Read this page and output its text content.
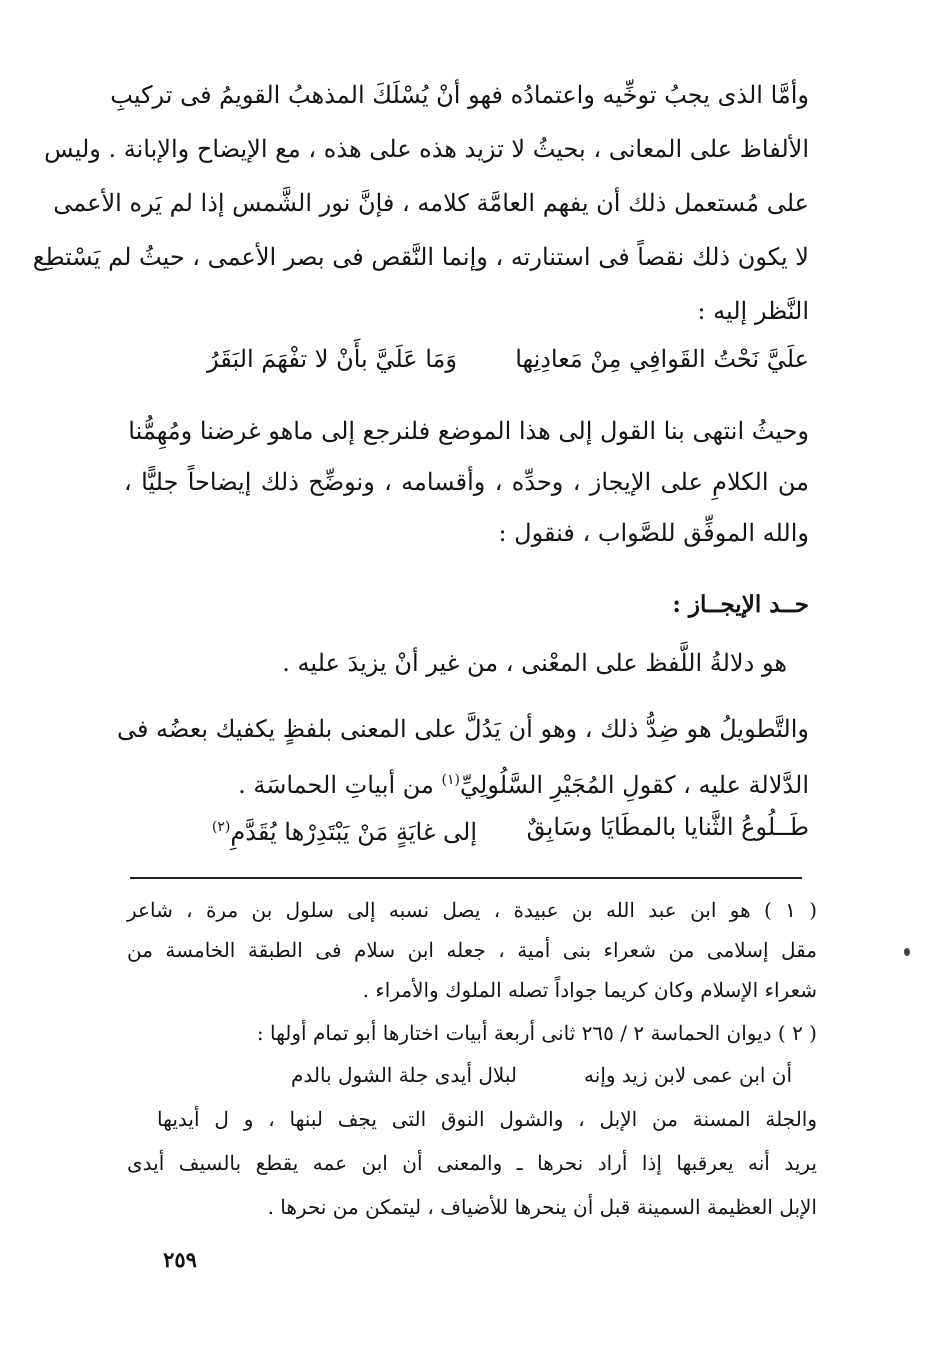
وأمَّا الذى يجبُ توخِّيه واعتمادُه فهو أنْ يُسْلَكَ المذهبُ القويمُ فى تركيبِ
الألفاظ على المعانى ، بحيثُ لا تزيد هذه على هذه ، مع الإيضاح والإبانة . وليس
على مُستعمل ذلك أن يفهم العامَّة كلامه ، فإنَّ نور الشَّمس إذا لم يَره الأعمى
لا يكون ذلك نقصاً فى استنارته ، وإنما النَّقص فى بصر الأعمى ، حيثُ لم يَسْتطِع
النَّظر إليه :
علَيَّ نَحْتُ القَوافِي مِنْ مَعادِنِها
وَمَا عَلَيَّ بأَنْ لا تفْهَمَ البَقَرُ
وحيثُ انتهى بنا القول إلى هذا الموضع فلنرجع إلى ماهو غرضنا ومُهِمُّنا
من الكلامِ على الإيجاز ، وحدِّه ، وأقسامه ، ونوضِّح ذلك إيضاحاً جليًّا ،
والله الموفِّق للصَّواب ، فنقول :
حــد الإيجــاز :
هو دلالةُ اللَّفظ على المعْنى ، من غير أنْ يزيدَ عليه .
والتَّطويلُ هو ضِدُّ ذلك ، وهو أن يَدُلَّ على المعنى بلفظٍ يكفيك بعضُه فى
الدَّلالة عليه ، كقولِ المُجَيْرِ السَّلُولِيِّ$^{(١)}$ من أبياتِ الحماسَة .
طَــلُوعُ الثَّنايا بالمطَايَا وسَابِقٌ
إلى غايَةٍ مَنْ يَبْتَدِرْها يُقَدَّمِ$^{(٢)}$
( ١ ) هو ابن عبد الله بن عبيدة ، يصل نسبه إلى سلول بن مرة ، شاعر
مقل إسلامى من شعراء بنى أمية ، جعله ابن سلام فى الطبقة الخامسة من
شعراء الإسلام وكان كريما جواداً تصله الملوك والأمراء .
( ٢ ) ديوان الحماسة ٢ / ٢٦٥ ثانى أربعة أبيات اختارها أبو تمام أولها :
أن ابن عمى لابن زيد وإنه
لبلال أيدى جلة الشول بالدم
والجلة المسنة من الإبل ، والشول النوق التى يجف لبنها ، و ل أيديها
يريد أنه يعرقبها إذا أراد نحرها ـ والمعنى أن ابن عمه يقطع بالسيف أيدى
الإبل العظيمة السمينة قبل أن ينحرها للأضياف ، ليتمكن من نحرها .
٢٥٩
